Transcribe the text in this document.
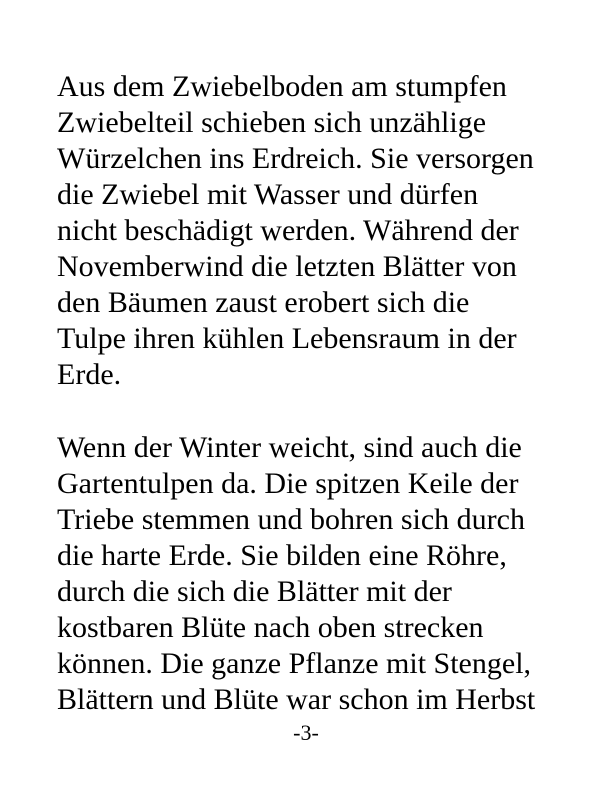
Aus dem Zwiebelboden am stumpfen
Zwiebelteil schieben sich unzählige
Würzelchen ins Erdreich. Sie versorgen
die Zwiebel mit Wasser und dürfen
nicht beschädigt werden. Während der
Novemberwind die letzten Blätter von
den Bäumen zaust erobert sich die
Tulpe ihren kühlen Lebensraum in der
Erde.
Wenn der Winter weicht, sind auch die
Gartentulpen da. Die spitzen Keile der
Triebe stemmen und bohren sich durch
die harte Erde. Sie bilden eine Röhre,
durch die sich die Blätter mit der
kostbaren Blüte nach oben strecken
können. Die ganze Pflanze mit Stengel,
Blättern und Blüte war schon im Herbst
-3-
